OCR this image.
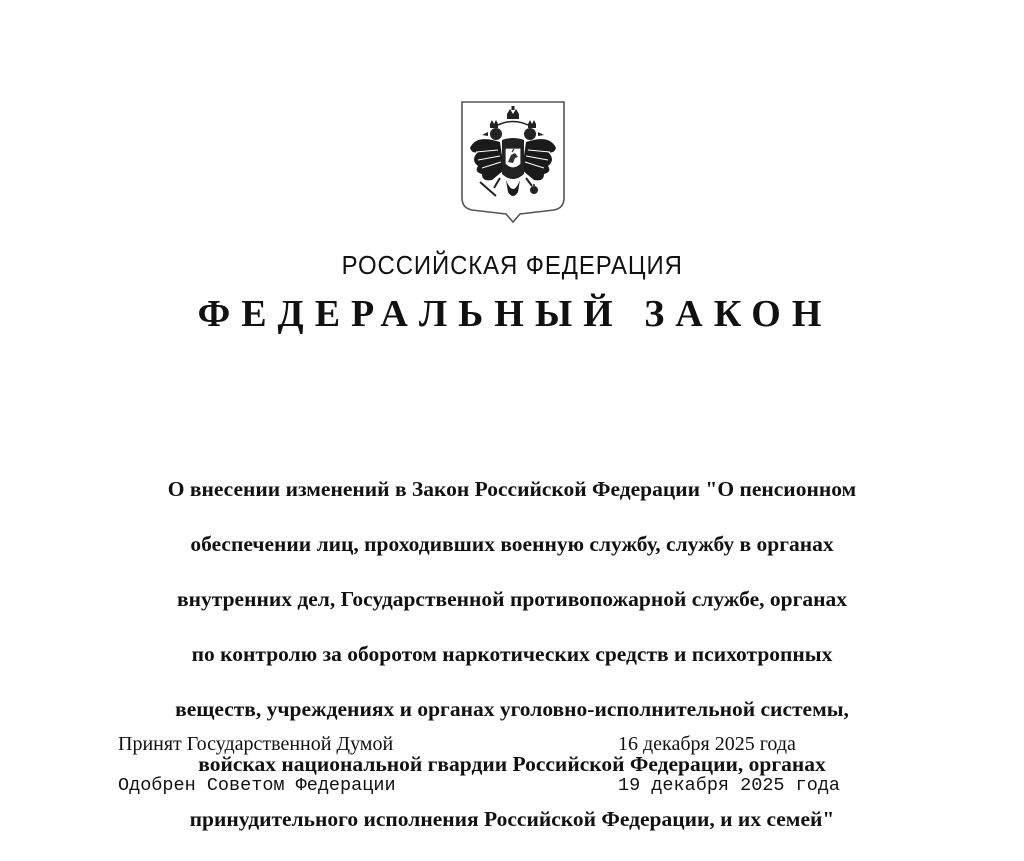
РОССИЙСКАЯ ФЕДЕРАЦИЯ
ФЕДЕРАЛЬНЫЙ ЗАКОН

О внесении изменений в Закон Российской Федерации "О пенсионном

обеспечении лиц, проходивших военную службу, службу в органах

внутренних дел, Государственной противопожарной службе, органах

по контролю за оборотом наркотических средств и психотропных

веществ, учреждениях и органах уголовно-исполнительной системы,

войсках национальной гвардии Российской Федерации, органах

принудительного исполнения Российской Федерации, и их семей"

Принят Государственной Думой	16 декабря 2025 года
Одобрен Советом Федерации	19 декабря 2025 года
